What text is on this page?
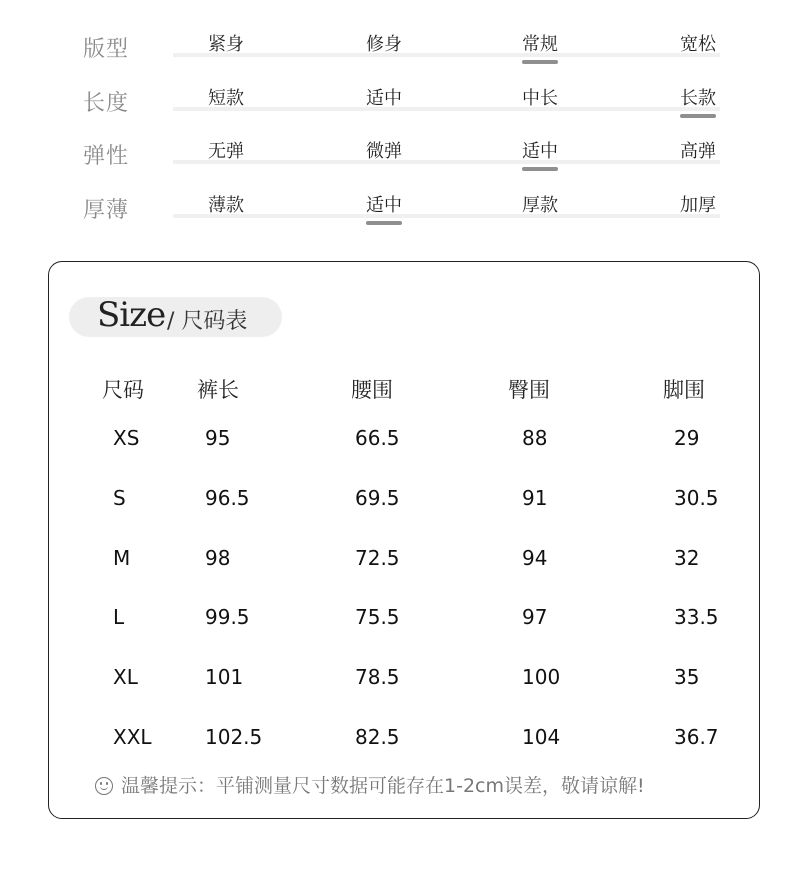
版型	紧身	修身	常规	宽松
长度	短款	适中	中长	长款
弹性	无弹	微弹	适中	高弹
厚薄	薄款	适中	厚款	加厚
Size / 尺码表
尺码	裤长	腰围	臀围	脚围
XS	95	66.5	88	29
S	96.5	69.5	91	30.5
M	98	72.5	94	32
L	99.5	75.5	97	33.5
XL	101	78.5	100	35
XXL	102.5	82.5	104	36.7
温馨提示：平铺测量尺寸数据可能存在1-2cm误差，敬请谅解!
